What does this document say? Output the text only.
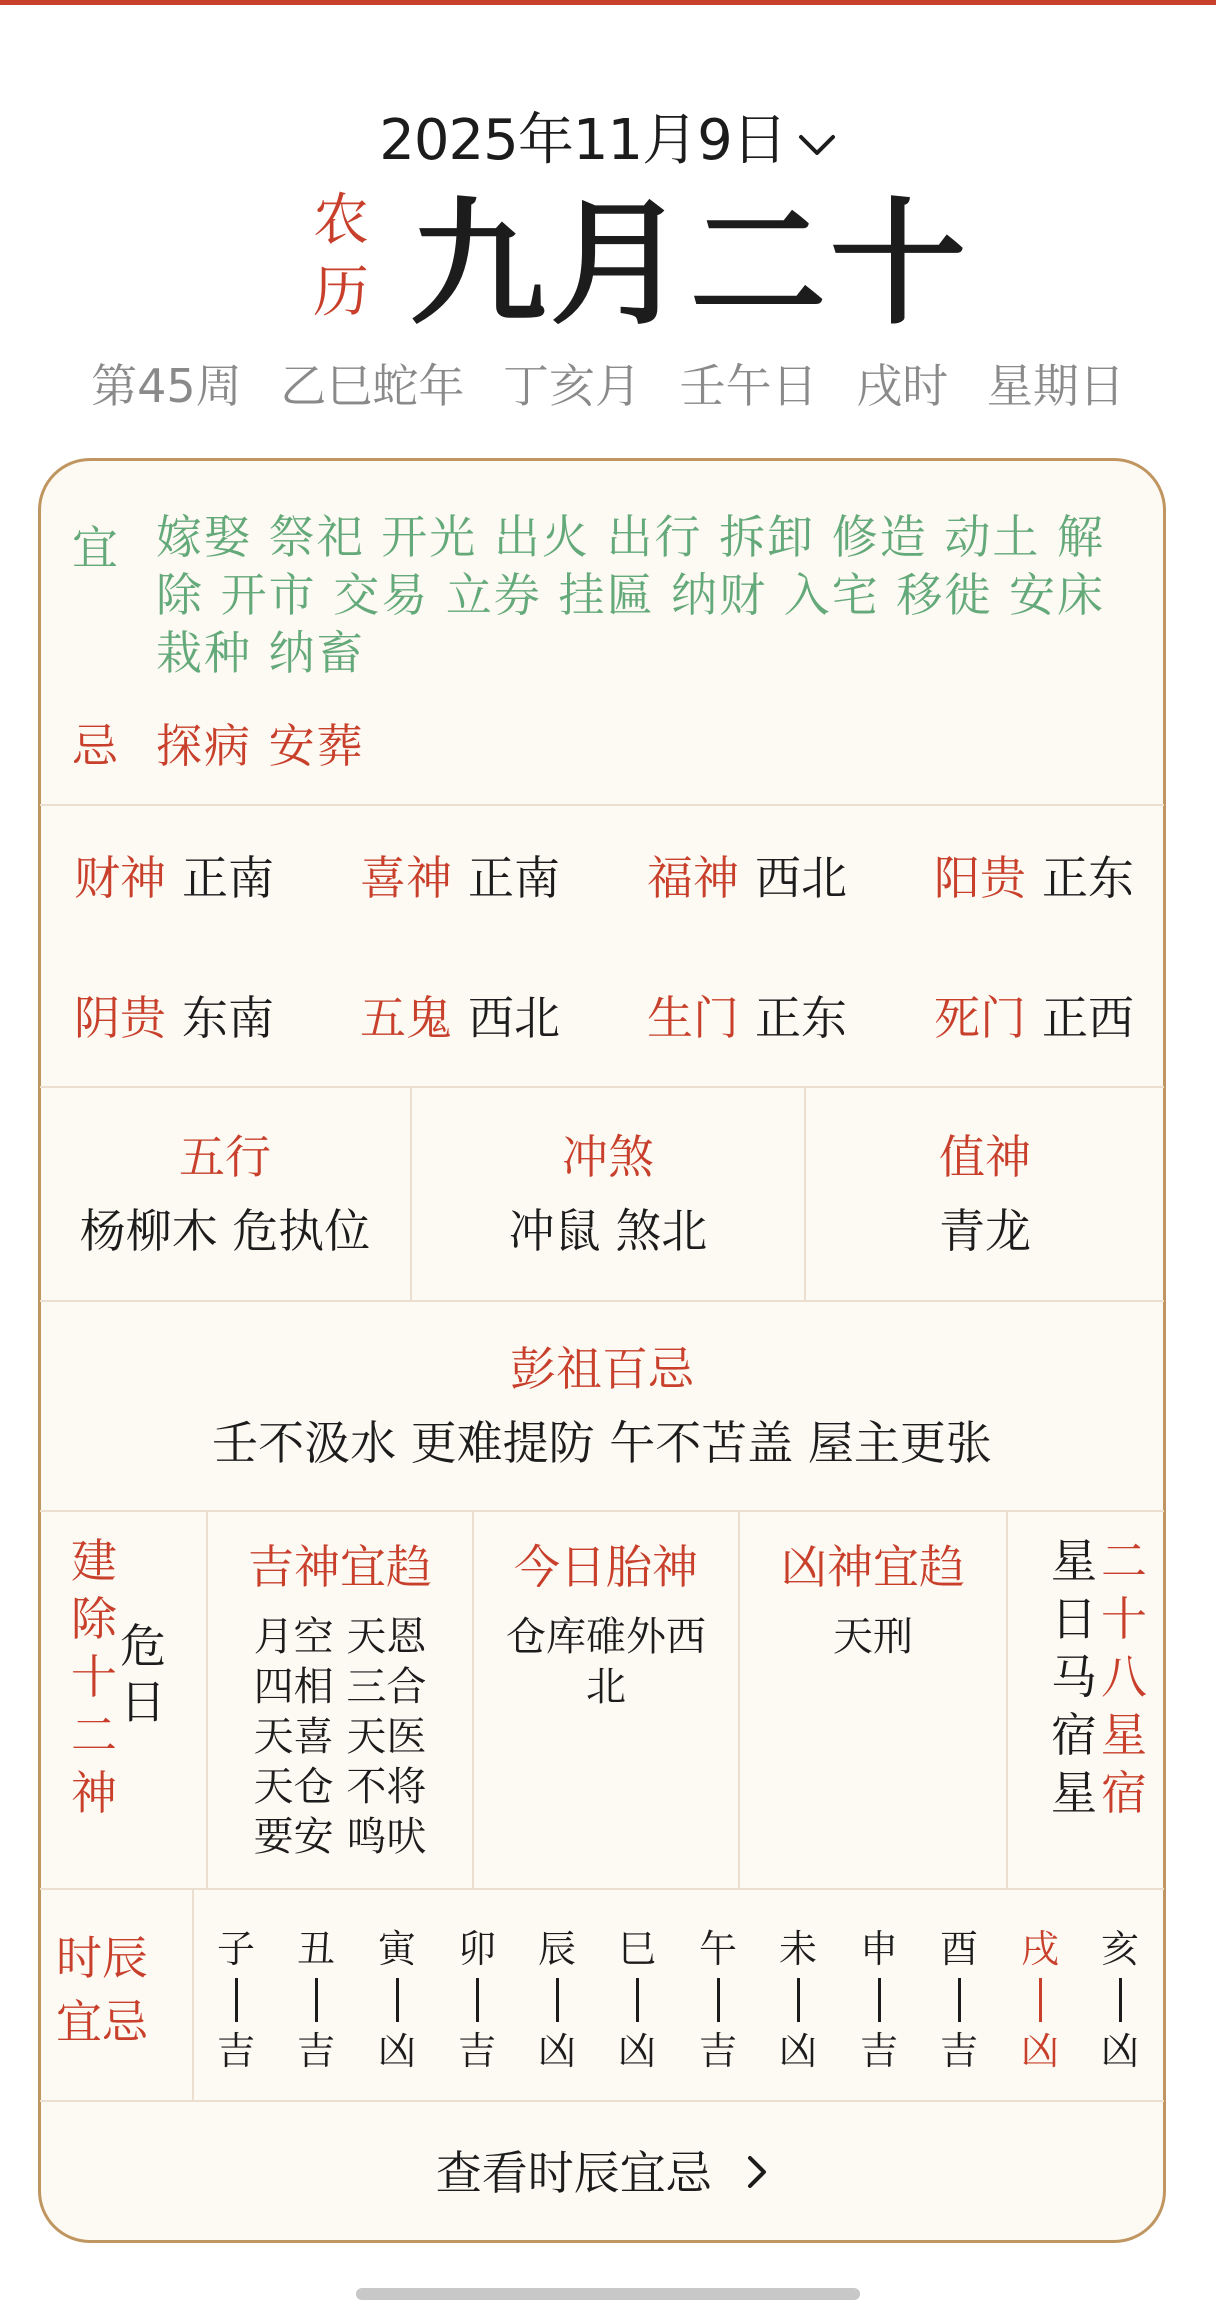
2025年11月9日
农
历 九月二十
第45周 乙巳蛇年 丁亥月 壬午日 戌时 星期日
宜 嫁娶 祭祀 开光 出火 出行 拆卸 修造 动土 解除 开市 交易 立券 挂匾 纳财 入宅 移徙 安床 栽种 纳畜
忌 探病 安葬
财神 正南 喜神 正南 福神 西北 阳贵 正东
阴贵 东南 五鬼 西北 生门 正东 死门 正西
五行
杨柳木 危执位
冲煞
冲鼠 煞北
值神
青龙
彭祖百忌
壬不汲水 更难提防 午不苫盖 屋主更张
建
除
十
二
神
危
日
吉神宜趋
月空 天恩
四相 三合
天喜 天医
天仓 不将
要安 鸣吠
今日胎神
仓库碓外西
北
凶神宜趋
天刑
星
日
马
宿
星
二
十
八
星
宿
时辰
宜忌
子
吉
丑
吉
寅
凶
卯
吉
辰
凶
巳
凶
午
吉
未
凶
申
吉
酉
吉
戌
凶
亥
凶
查看时辰宜忌
